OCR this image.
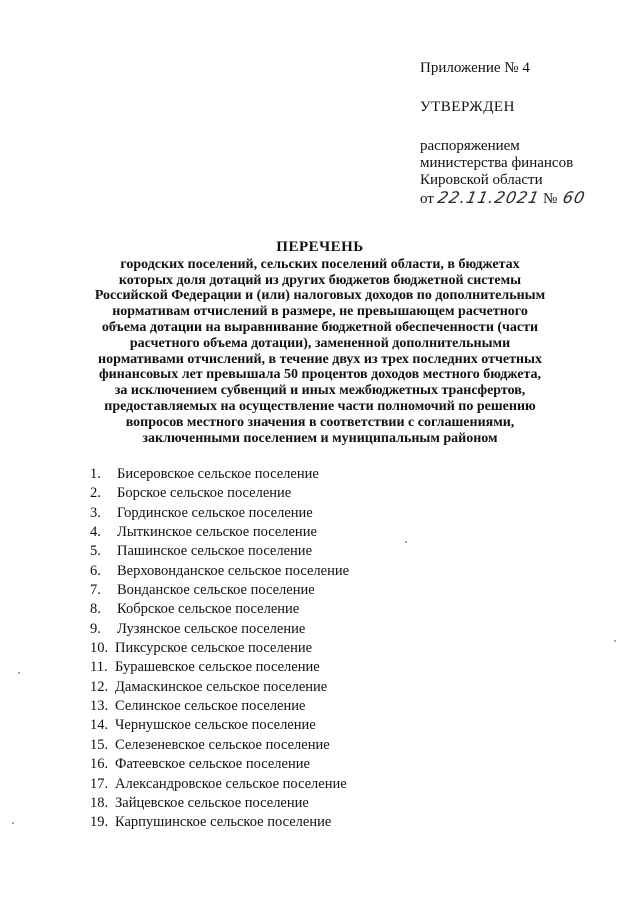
Приложение № 4

УТВЕРЖДЕН

распоряжением

министерства финансов

Кировской области

от 22.11.2021 № 60

ПЕРЕЧЕНЬ
городских поселений, сельских поселений области, в бюджетах
которых доля дотаций из других бюджетов бюджетной системы
Российской Федерации и (или) налоговых доходов по дополнительным
нормативам отчислений в размере, не превышающем расчетного
объема дотации на выравнивание бюджетной обеспеченности (части
расчетного объема дотации), замененной дополнительными
нормативами отчислений, в течение двух из трех последних отчетных
финансовых лет превышала 50 процентов доходов местного бюджета,
за исключением субвенций и иных межбюджетных трансфертов,
предоставляемых на осуществление части полномочий по решению
вопросов местного значения в соответствии с соглашениями,
заключенными поселением и муниципальным районом
1.	Бисеровское сельское поселение
2.	Борское сельское поселение
3.	Гординское сельское поселение
4.	Лыткинское сельское поселение
5.	Пашинское сельское поселение
6.	Верховонданское сельское поселение
7.	Вонданское сельское поселение
8.	Кобрское сельское поселение
9.	Лузянское сельское поселение
10. Пиксурское сельское поселение
11. Бурашевское сельское поселение
12. Дамаскинское сельское поселение
13. Селинское сельское поселение
14. Чернушское сельское поселение
15. Селезеневское сельское поселение
16. Фатеевское сельское поселение
17. Александровское сельское поселение
18. Зайцевское сельское поселение
19. Карпушинское сельское поселение
